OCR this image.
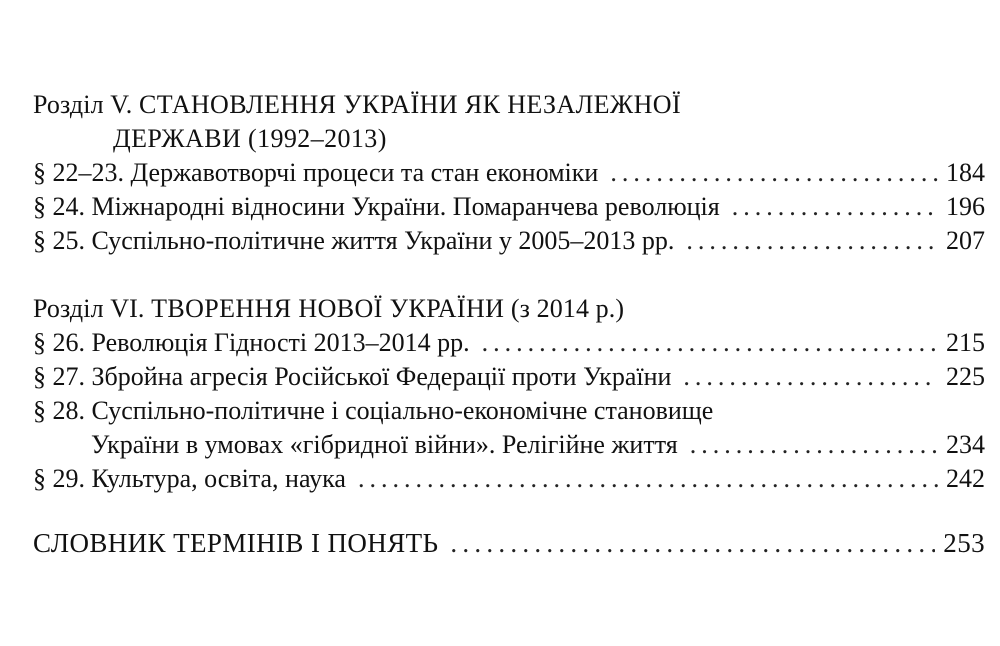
Розділ V. СТАНОВЛЕННЯ УКРАЇНИ ЯК НЕЗАЛЕЖНОЇ
ДЕРЖАВИ (1992–2013)
§ 22–23. Державотворчі процеси та стан економіки . . .	184
§ 24. Міжнародні відносини України. Помаранчева революція . . .	196
§ 25. Суспільно-політичне життя України у 2005–2013 рр. . . .	207
Розділ VI. ТВОРЕННЯ НОВОЇ УКРАЇНИ (з 2014 р.)
§ 26. Революція Гідності 2013–2014 рр. . . .	215
§ 27. Збройна агресія Російської Федерації проти України . . .	225
§ 28. Суспільно-політичне і соціально-економічне становище
України в умовах «гібридної війни». Релігійне життя . . .	234
§ 29. Культура, освіта, наука . . .	242
СЛОВНИК ТЕРМІНІВ І ПОНЯТЬ . . .	253
